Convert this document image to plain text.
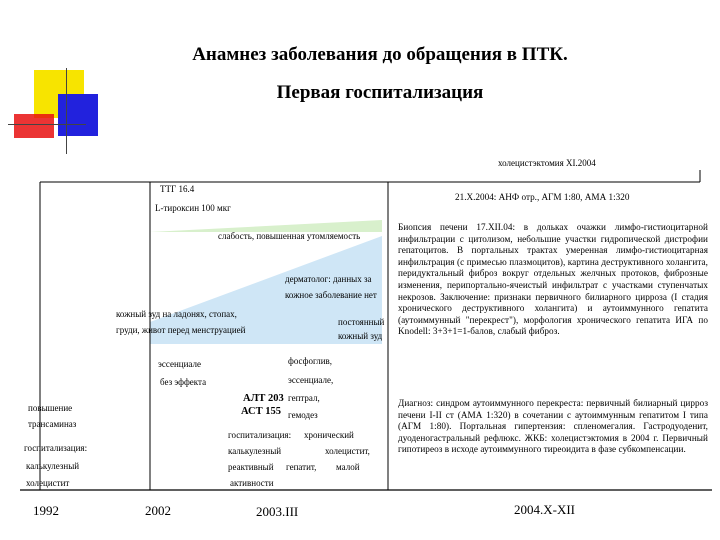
Анамнез заболевания до обращения в ПТК.
Первая госпитализация
холецистэктомия XI.2004
ТТГ 16.4
L-тироксин 100 мкг
слабость, повышенная утомляемость
дерматолог: данных за
кожное заболевание нет
кожный зуд на ладонях, стопах,
груди, живот перед менструацией
постоянный
кожный зуд
эссенциале
без эффекта
фосфоглив,
эссенциале,
гептрал,
гемодез
АЛТ 203
АСТ 155
повышение
трансаминаз
госпитализация:
калькулезный
холецистит
госпитализация: хронический
калькулезный	холецистит,
реактивный гепатит, малой
активности
1992	2002	2003.III	2004.X-XII
21.X.2004: АНФ отр., АГМ 1:80, АМА 1:320
Биопсия печени 17.XII.04: в дольках очажки лимфо-гистиоцитарной инфильтрации с цитолизом, небольшие участки гидропической дистрофии гепатоцитов. В портальных трактах умеренная лимфо-гистиоцитарная инфильтрация (с примесью плазмоцитов), картина деструктивного холангита, перидуктальный фиброз вокруг отдельных желчных протоков, фиброзные изменения, перипортально-ячеистый инфильтрат с участками ступенчатых некрозов. Заключение: признаки первичного билиарного цирроза (I стадия хронического деструктивного холангита) и аутоиммунного гепатита (аутоиммунный "перекрест"), морфология хронического гепатита ИГА по Knodell: 3+3+1=1-балов, слабый фиброз.
Диагноз: синдром аутоиммунного перекреста: первичный билиарный цирроз печени I-II ст (АМА 1:320) в сочетании с аутоиммунным гепатитом I типа (АГМ 1:80). Портальная гипертензия: спленомегалия. Гастродуоденит, дуоденогастральный рефлюкс. ЖКБ: холецистэктомия в 2004 г. Первичный гипотиреоз в исходе аутоиммунного тиреоидита в фазе субкомпенсации.
